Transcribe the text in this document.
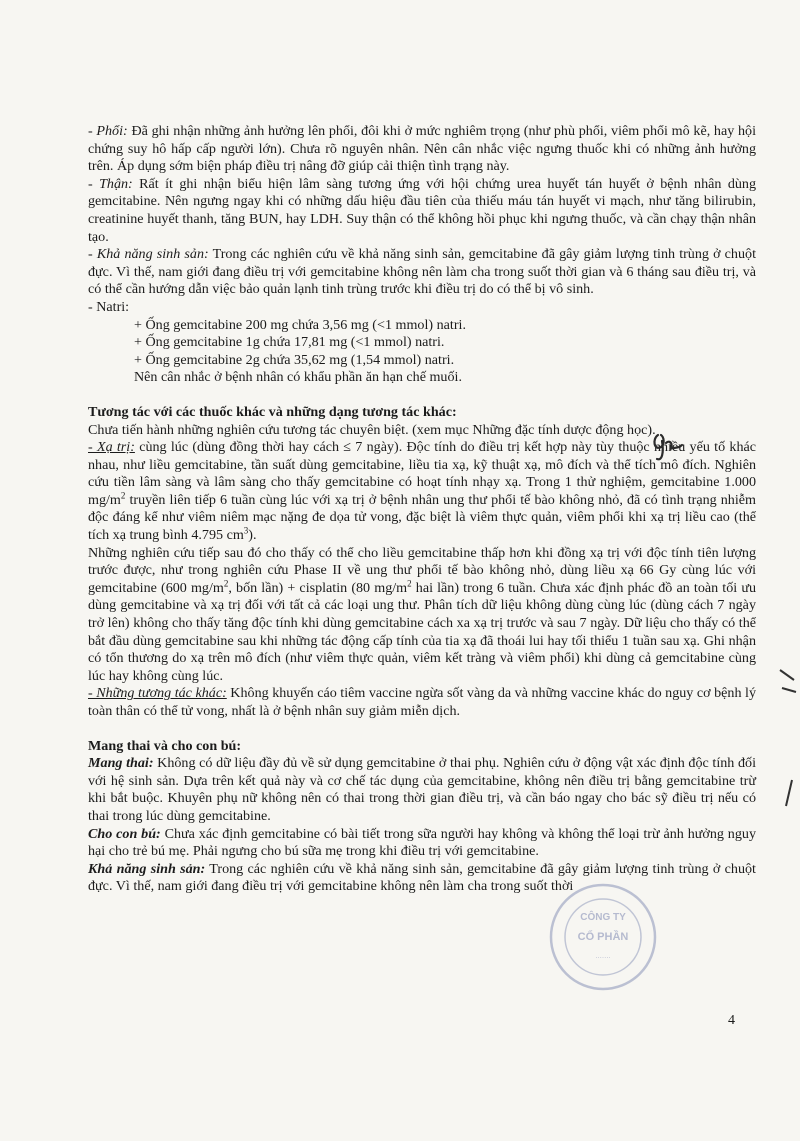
- Phổi: Đã ghi nhận những ảnh hưởng lên phổi, đôi khi ở mức nghiêm trọng (như phù phổi, viêm phổi mô kẽ, hay hội chứng suy hô hấp cấp người lớn). Chưa rõ nguyên nhân. Nên cân nhắc việc ngưng thuốc khi có những ảnh hưởng trên. Áp dụng sớm biện pháp điều trị nâng đỡ giúp cải thiện tình trạng này.

- Thận: Rất ít ghi nhận biểu hiện lâm sàng tương ứng với hội chứng urea huyết tán huyết ở bệnh nhân dùng gemcitabine. Nên ngưng ngay khi có những dấu hiệu đầu tiên của thiếu máu tán huyết vi mạch, như tăng bilirubin, creatinine huyết thanh, tăng BUN, hay LDH. Suy thận có thể không hồi phục khi ngưng thuốc, và cần chạy thận nhân tạo.

- Khả năng sinh sản: Trong các nghiên cứu về khả năng sinh sản, gemcitabine đã gây giảm lượng tinh trùng ở chuột đực. Vì thế, nam giới đang điều trị với gemcitabine không nên làm cha trong suốt thời gian và 6 tháng sau điều trị, và có thể cần hướng dẫn việc bảo quản lạnh tinh trùng trước khi điều trị do có thể bị vô sinh.

- Natri:

+ Ống gemcitabine 200 mg chứa 3,56 mg (<1 mmol) natri.

+ Ống gemcitabine 1g chứa 17,81 mg (<1 mmol) natri.

+ Ống gemcitabine 2g chứa 35,62 mg (1,54 mmol) natri.

Nên cân nhắc ở bệnh nhân có khẩu phần ăn hạn chế muối.

Tương tác với các thuốc khác và những dạng tương tác khác:

Chưa tiến hành những nghiên cứu tương tác chuyên biệt. (xem mục Những đặc tính dược động học).

- Xạ trị: cùng lúc (dùng đồng thời hay cách ≤ 7 ngày). Độc tính do điều trị kết hợp này tùy thuộc nhiều yếu tố khác nhau, như liều gemcitabine, tần suất dùng gemcitabine, liều tia xạ, kỹ thuật xạ, mô đích và thể tích mô đích. Nghiên cứu tiền lâm sàng và lâm sàng cho thấy gemcitabine có hoạt tính nhạy xạ. Trong 1 thử nghiệm, gemcitabine 1.000 $mg/m^2$ truyền liên tiếp 6 tuần cùng lúc với xạ trị ở bệnh nhân ung thư phổi tế bào không nhỏ, đã có tình trạng nhiễm độc đáng kể như viêm niêm mạc nặng đe dọa tử vong, đặc biệt là viêm thực quản, viêm phổi khi xạ trị liều cao (thể tích xạ trung bình 4.795 $cm^3$).

Những nghiên cứu tiếp sau đó cho thấy có thể cho liều gemcitabine thấp hơn khi đồng xạ trị với độc tính tiên lượng trước được, như trong nghiên cứu Phase II về ung thư phổi tế bào không nhỏ, dùng liều xạ 66 Gy cùng lúc với gemcitabine (600 $mg/m^2$, bốn lần) + cisplatin (80 $mg/m^2$ hai lần) trong 6 tuần. Chưa xác định phác đồ an toàn tối ưu dùng gemcitabine và xạ trị đối với tất cả các loại ung thư. Phân tích dữ liệu không dùng cùng lúc (dùng cách 7 ngày trở lên) không cho thấy tăng độc tính khi dùng gemcitabine cách xa xạ trị trước và sau 7 ngày. Dữ liệu cho thấy có thể bắt đầu dùng gemcitabine sau khi những tác động cấp tính của tia xạ đã thoái lui hay tối thiểu 1 tuần sau xạ. Ghi nhận có tổn thương do xạ trên mô đích (như viêm thực quản, viêm kết tràng và viêm phổi) khi dùng cả gemcitabine cùng lúc hay không cùng lúc.

- Những tương tác khác: Không khuyến cáo tiêm vaccine ngừa sốt vàng da và những vaccine khác do nguy cơ bệnh lý toàn thân có thể tử vong, nhất là ở bệnh nhân suy giảm miễn dịch.

Mang thai và cho con bú:

Mang thai: Không có dữ liệu đầy đủ về sử dụng gemcitabine ở thai phụ. Nghiên cứu ở động vật xác định độc tính đối với hệ sinh sản. Dựa trên kết quả này và cơ chế tác dụng của gemcitabine, không nên điều trị bằng gemcitabine trừ khi bắt buộc. Khuyên phụ nữ không nên có thai trong thời gian điều trị, và cần báo ngay cho bác sỹ điều trị nếu có thai trong lúc dùng gemcitabine.

Cho con bú: Chưa xác định gemcitabine có bài tiết trong sữa người hay không và không thể loại trừ ảnh hưởng nguy hại cho trẻ bú mẹ. Phải ngưng cho bú sữa mẹ trong khi điều trị với gemcitabine.

Khả năng sinh sản: Trong các nghiên cứu về khả năng sinh sản, gemcitabine đã gây giảm lượng tinh trùng ở chuột đực. Vì thế, nam giới đang điều trị với gemcitabine không nên làm cha trong suốt thời

CÔNG TY
CỔ PHẦN
.......
4
